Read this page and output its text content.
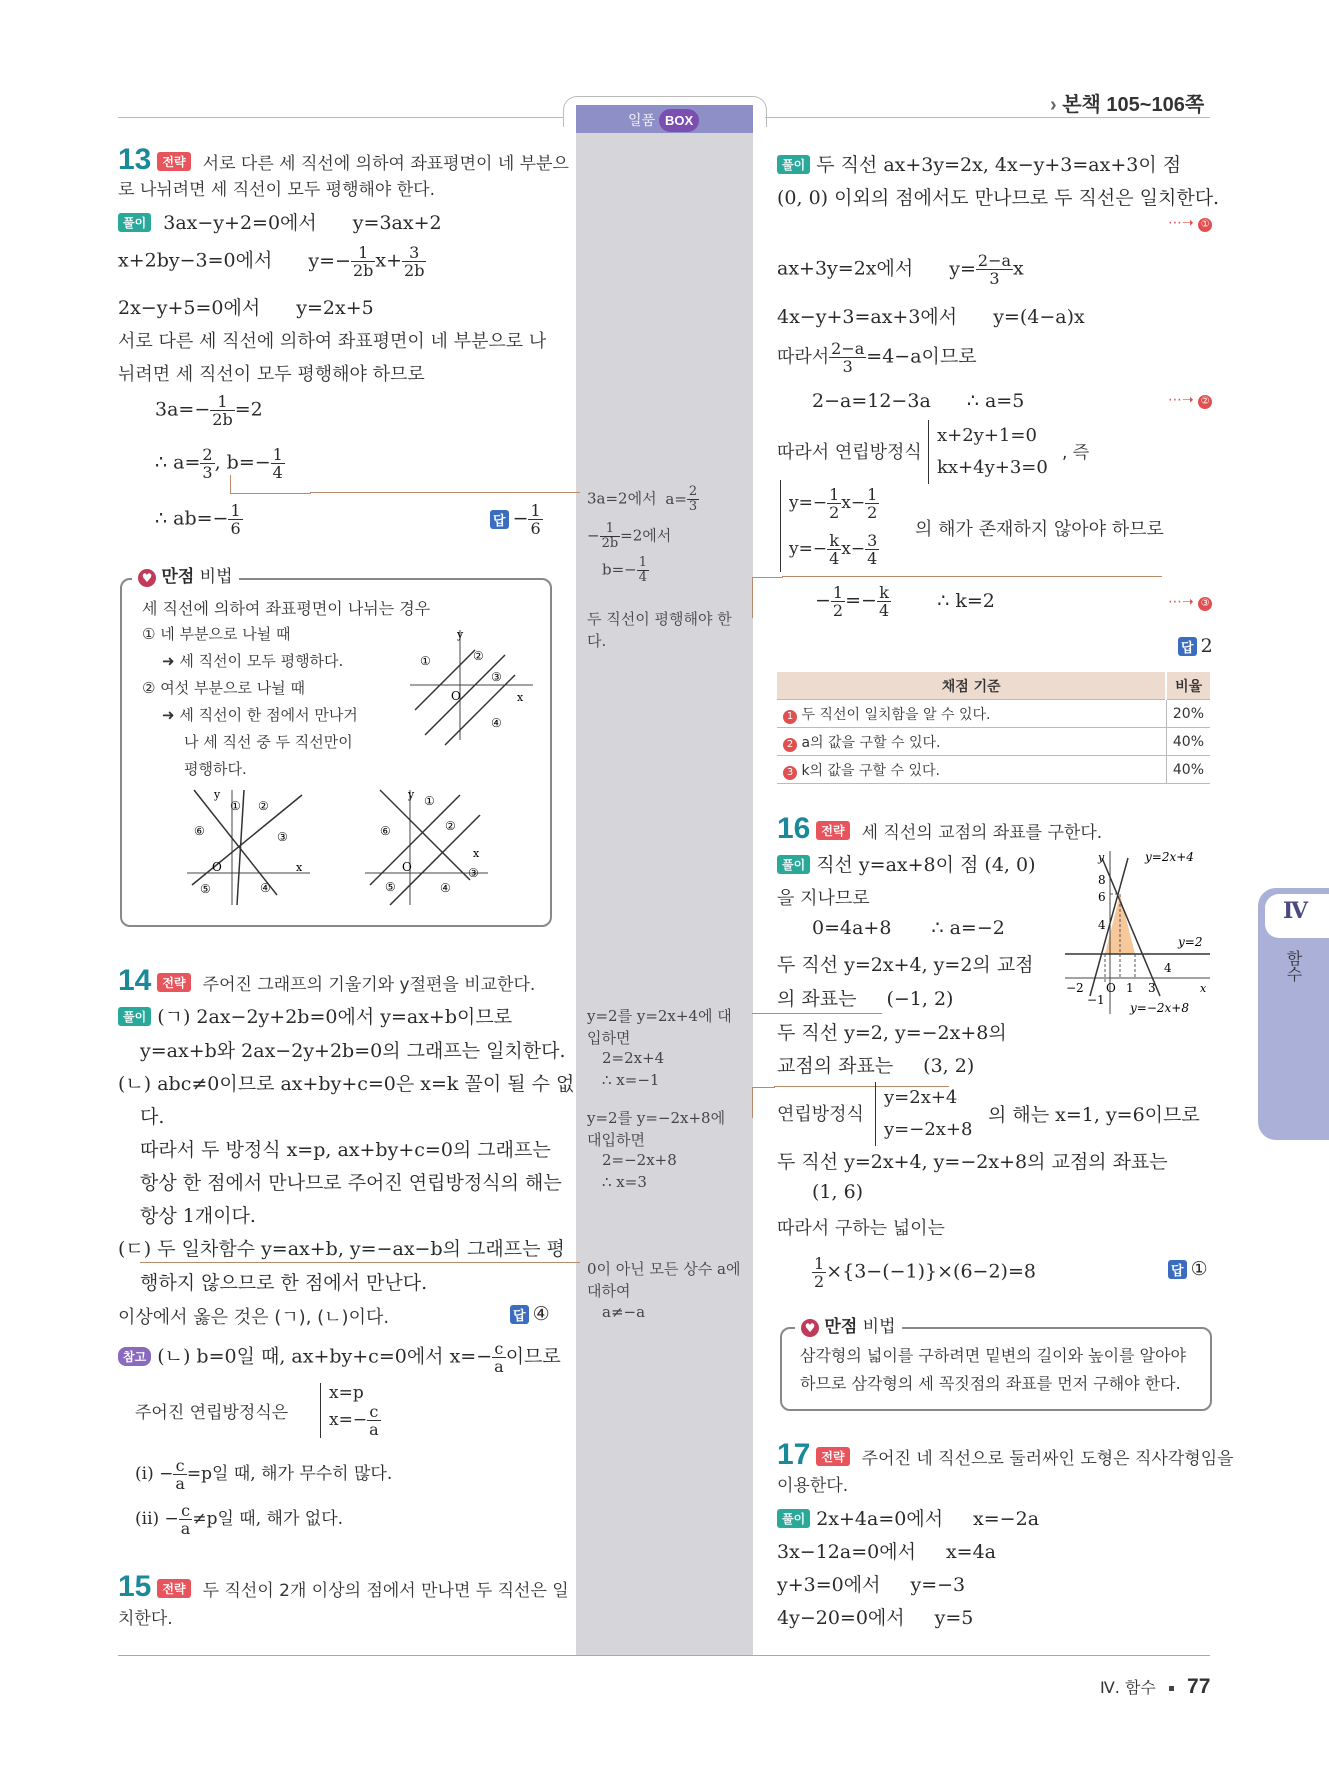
› 본책 105~106쪽
일품 BOX
13 전략 서로 다른 세 직선에 의하여 좌표평면이 네 부분으
로 나뉘려면 세 직선이 모두 평행해야 한다.
풀이 3ax−y+2=0에서 y=3ax+2
x+2by−3=0에서 $y=- \frac{1}{2b} x+ \frac{3}{2b}$
2x−y+5=0에서 y=2x+5
서로 다른 세 직선에 의하여 좌표평면이 네 부분으로 나
뉘려면 세 직선이 모두 평행해야 하므로
$3a=- \frac{1}{2b} =2$
∴ $a= \frac{2}{3}$ , $b=- \frac{1}{4}$
∴ $ab=- \frac{1}{6}$	답 − $\frac{1}{6}$
♥ 만점 비법
세 직선에 의하여 좌표평면이 나뉘는 경우
① 네 부분으로 나뉠 때
➜ 세 직선이 모두 평행하다.
② 여섯 부분으로 나뉠 때
➜ 세 직선이 한 점에서 만나거
나 세 직선 중 두 직선만이
평행하다.
y
x
O
①	②
③
④
y
x
O
① ②
③
④
⑤
⑥
y
x
O
①
②
③
④
⑤
⑥
14 전략 주어진 그래프의 기울기와 y절편을 비교한다.
풀이 (ㄱ) 2ax−2y+2b=0에서 y=ax+b이므로
y=ax+b와 2ax−2y+2b=0의 그래프는 일치한다.
(ㄴ) abc≠0이므로 ax+by+c=0은 x=k 꼴이 될 수 없
다.
따라서 두 방정식 x=p, ax+by+c=0의 그래프는
항상 한 점에서 만나므로 주어진 연립방정식의 해는
항상 1개이다.
(ㄷ) 두 일차함수 y=ax+b, y=−ax−b의 그래프는 평
행하지 않으므로 한 점에서 만난다.
이상에서 옳은 것은 (ㄱ), (ㄴ)이다.	답 ④
참고 (ㄴ) b=0일 때, ax+by+c=0에서 $x=- \frac{c}{a}$ 이므로
주어진 연립방정식은
x=p
$x=- \frac{c}{a}$
$(i) - \frac{c}{a} =p$일 때, 해가 무수히 많다.
$(ii) - \frac{c}{a} \ne p$일 때, 해가 없다.
15 전략 두 직선이 2개 이상의 점에서 만나면 두 직선은 일
치한다.
3a=2에서 $a= \frac{2}{3}$
− $\frac{1}{2b} =2$에서
$b=- \frac{1}{4}$
두 직선이 평행해야 한
다.
y=2를 y=2x+4에 대
입하면
2=2x+4
∴ x=−1
y=2를 y=−2x+8에
대입하면
2=−2x+8
∴ x=3
0이 아닌 모든 상수 a에
대하여
a≠−a
풀이 두 직선 ax+3y=2x, 4x−y+3=ax+3이 점
(0, 0) 이외의 점에서도 만나므로 두 직선은 일치한다.
⋯➝ ①
ax+3y=2x에서 $y= \frac{2-a}{3}$ x
4x−y+3=ax+3에서 y=(4−a)x
따라서 $\frac{2-a}{3} =4-a$이므로
2−a=12−3a ∴ a=5	⋯➝ ②
따라서 연립방정식
x+2y+1=0
kx+4y+3=0
, 즉
$y=- \frac{1}{2} x- \frac{1}{2}$
$y=- \frac{k}{4} x- \frac{3}{4}$
의 해가 존재하지 않아야 하므로
− $\frac{1}{2} =- \frac{k}{4}$ ∴ k=2	⋯➝ ③
답 2
채점 기준	비율
1 두 직선이 일치함을 알 수 있다.	20%
2 a의 값을 구할 수 있다.	40%
3 k의 값을 구할 수 있다.	40%
16 전략 세 직선의 교점의 좌표를 구한다.
풀이 직선 y=ax+8이 점 (4, 0)
을 지나므로
0=4a+8 ∴ a=−2
두 직선 y=2x+4, y=2의 교점
의 좌표는 (−1, 2)
두 직선 y=2, y=−2x+8의
교점의 좌표는 (3, 2)
연립방정식
y=2x+4
y=−2x+8
의 해는 x=1, y=6이므로
두 직선 y=2x+4, y=−2x+8의 교점의 좌표는
(1, 6)
따라서 구하는 넓이는
$\frac{1}{2} \times\{3-(-1)\}\times(6-2)=8$	답 ①
y
x
O
y=2x+4
y=2
y=−2x+8
8
6
4
−2
−1
1 3
4
♥ 만점 비법
삼각형의 넓이를 구하려면 밑변의 길이와 높이를 알아야
하므로 삼각형의 세 꼭짓점의 좌표를 먼저 구해야 한다.
17 전략 주어진 네 직선으로 둘러싸인 도형은 직사각형임을
이용한다.
풀이 2x+4a=0에서 x=−2a
3x−12a=0에서 x=4a
y+3=0에서 y=−3
4y−20=0에서 y=5
Ⅳ
함수
Ⅳ. 함수 77
